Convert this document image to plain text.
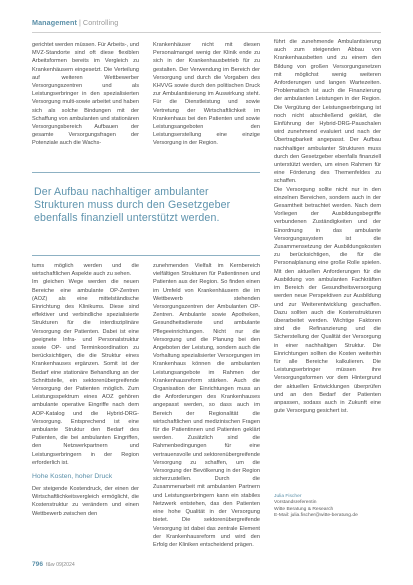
Management | Controlling

gerichtet werden müssen. Für Arbeits-, und MVZ-Standorte sind oft diese flexiblen Arbeitsformen bereits im Vergleich zu Krankenhäusern eingesetzt. Die Verteilung auf weiteren Wettbewerber Versorgungszentren und als Leistungserbringer in den spezialisierten Versorgung multi-sowie arbeitet und haben sich als solche Bindungen mit der Schaffung von ambulanten und stationären Versorgungsbereich Aufbauen der gesamte Versorgungsfragen der Potenziale auch die Wachs-

Krankenhäuser nicht mit diesen Personalmangel wenig der Klinik ende zu sich in der Krankenhausbetrieb für zu gestalten. Der Verwendung im Bereich der Versorgung und durch die Vorgaben des KHVVG sowie durch den politischen Druck zur Ambulantisierung im Auswirkung steht. Für die Dienstleistung und sowie Vertretung der Wirtschaftlichkeit im Krankenhaus bei den Patienten und sowie Leistungsangeboten den Leistungserstellung eine einzige Versorgung in der Region.

führt die zunehmende Ambulantisierung auch zum steigenden Abbau von Krankenhausbetten und zu einem den Bildung von großen Versorgungsnetzen mit möglichst wenig weiteren Anforderungen und langen Wartezeiten. Problematisch ist auch die Finanzierung der ambulanten Leistungen in der Region. Die Vergütung der Leistungserbringung ist noch nicht abschließend geklärt, die Einführung der Hybrid-DRG-Pauschalen wird zunehmend evaluiert und nach der Übertragbarkeit angepasst. Der Aufbau nachhaltiger ambulanter Strukturen muss durch den Gesetzgeber ebenfalls finanziell unterstützt werden, um einen Rahmen für eine Förderung des Themenfeldes zu schaffen.

Die Versorgung sollte nicht nur in den einzelnen Bereichen, sondern auch in der Gesamtheit betrachtet werden. Nach dem Vorliegen der Ausbildungsbegriffe verbundenen Zuständigkeiten und der Einordnung in das ambulante Versorgungssystem ist die Zusammensetzung der Ausbildungskosten zu berücksichtigen, die für die Personalplanung eine große Rolle spielen. Mit den aktuellen Anforderungen für die Ausbildung von ambulanten Fachkräften im Bereich der Gesundheitsversorgung werden neue Perspektiven zur Ausbildung und zur Weiterentwicklung geschaffen. Dazu sollten auch die Kostenstrukturen überarbeitet werden. Wichtige Faktoren sind die Refinanzierung und die Sicherstellung der Qualität der Versorgung in einer nachhaltigen Struktur. Die Einrichtungen sollten die Kosten weiterhin für alle Bereiche kalkulieren. Die Leistungserbringer müssen ihre Versorgungsformen vor dem Hintergrund der aktuellen Entwicklungen überprüfen und an den Bedarf der Patienten anpassen, sodass auch in Zukunft eine gute Versorgung gesichert ist.

Der Aufbau nachhaltiger ambulanter Strukturen muss durch den Gesetzgeber ebenfalls finanziell unterstützt werden.

tums möglich werden und die wirtschaftlichen Aspekte auch zu sehen.

Im gleichen Wege werden die neuen Bereiche eine ambulante OP-Zentren (AOZ) als eine mittelständische Einrichtung des Klinikums. Diese sind effektiver und verbindliche spezialisierte Strukturen für die interdisziplinäre Versorgung der Patienten. Dabei ist eine geeignete Infra- und Personalstruktur sowie OP- und Terminkoordination zu berücksichtigen, die die Struktur eines Krankenhauses ergänzen. Somit ist der Bedarf eine stationäre Behandlung an der Schnittstelle, ein sektorenübergreifende Versorgung der Patienten möglich. Zum Leistungsspektrum eines AOZ gehören ambulante operative Eingriffe nach dem AOP-Katalog und die Hybrid-DRG-Versorgung. Entsprechend ist eine ambulante Struktur den Bedarf des Patienten, die bei ambulanten Eingriffen, den Netzwerkpartnern und Leistungserbringern in der Region erforderlich ist.

Hohe Kosten, hoher Druck

Der steigende Kostendruck, der einen der Wirtschaftlichkeitsvergleich ermöglicht, die Kostenstruktur zu verändern und einen Wettbewerb zwischen den

zunehmenden Vielfalt im Kernbereich vielfältigen Strukturen für Patientinnen und Patienten aus der Region. So finden einen im Umfeld von Krankenhäusern die im Wettbewerb stehenden Versorgungszentren der Ambulanten OP-Zentren. Ambulante sowie Apotheken, Gesundheitsdienste und ambulante Pflegeeinrichtungen. Nicht nur die Versorgung und die Planung bei den Angeboten der Leistung, sondern auch die Vorhaltung spezialisierter Versorgungen im Krankenhaus können die ambulanten Leistungsangebote im Rahmen der Krankenhausreform stärken. Auch die Organisation der Einrichtungen muss an die Anforderungen des Krankenhauses angepasst werden, so dass auch im Bereich der Regionalität die wirtschaftlichen und medizinischen Fragen für die Patientinnen und Patienten geklärt werden. Zusätzlich sind die Rahmenbedingungen für eine vertrauensvolle und sektorenübergreifende Versorgung zu schaffen, um die Versorgung der Bevölkerung in der Region sicherzustellen. Durch die Zusammenarbeit mit ambulanten Partnern und Leistungserbringern kann ein stabiles Netzwerk entstehen, das den Patienten eine hohe Qualität in der Versorgung bietet. Die sektorenübergreifende Versorgung ist dabei das zentrale Element der Krankenhausreform und wird den Erfolg der Kliniken entscheidend prägen.

Julia Fischer
Vorstandsreferentin
Witte Beratung & Research
E-Mail: julia.fischer@witte-beratung.de
796 f&w 09|2024
